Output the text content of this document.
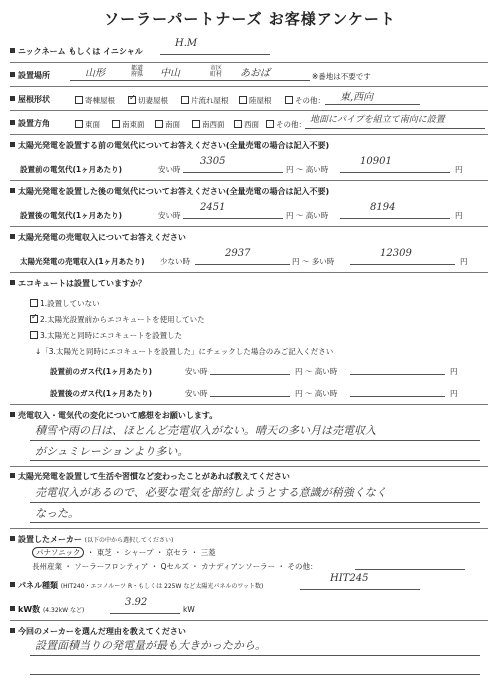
ソーラーパートナーズ お客様アンケート
ニックネーム もしくは イニシャル
H.M
設置場所	山形	都道府県 中山	市区町村 あおば	※番地は不要です
屋根形状	寄棟屋根
✓	切妻屋根	片流れ屋根	陸屋根	その他： 東,西向
設置方角	東面	南東面	南面	南西面	西面	その他： 地面にパイプを組立て南向に設置
太陽光発電を設置する前の電気代についてお答えください(全量売電の場合は記入不要)
設置前の電気代(1ヶ月あたり)	安い時
3305
円 〜 高い時
10901
円
太陽光発電を設置した後の電気代についてお答えください(全量売電の場合は記入不要)
設置後の電気代(1ヶ月あたり)	安い時
2451
円 〜 高い時
8194
円
太陽光発電の売電収入についてお答えください
太陽光発電の売電収入(1ヶ月あたり) 少ない時
2937
円 〜 多い時
12309
円
エコキュートは設置していますか？
1.設置していない
✓2.太陽光設置前からエコキュートを使用していた
3.太陽光と同時にエコキュートを設置した
↓「3.太陽光と同時にエコキュートを設置した」にチェックした場合のみご記入ください
設置前のガス代(1ヶ月あたり)	安い時	円 〜 高い時	円
設置後のガス代(1ヶ月あたり)	安い時	円 〜 高い時	円
売電収入・電気代の変化について感想をお願いします。
積雪や雨の日は、ほとんど売電収入がない。晴天の多い月は売電収入
がシュミレーションより多い。
太陽光発電を設置して生活や習慣など変わったことがあれば教えてください
売電収入があるので、必要な電気を節約しようとする意識が稍強くなく
なった。
設置したメーカー (以下の中から選択してください)
パナソニック ・ 東芝 ・ シャープ ・ 京セラ ・ 三菱
長州産業 ・ ソーラーフロンティア ・ Qセルズ ・ カナディアンソーラー ・ その他：
パネル種類 (HIT240・エコノルーツ R・もしくは 225W など太陽光パネルのワット数)
HIT245
kW数 (4.32kW など)
3.92
kW
今回のメーカーを選んだ理由を教えてください
設置面積当りの発電量が最も大きかったから。
